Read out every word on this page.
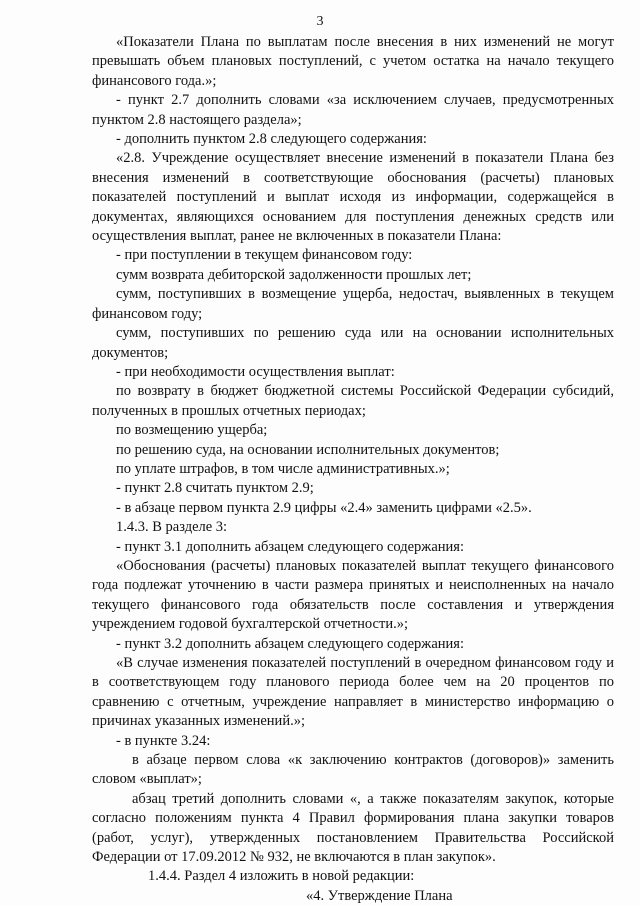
3

«Показатели Плана по выплатам после внесения в них изменений не могут превышать объем плановых поступлений, с учетом остатка на начало текущего финансового года.»;

- пункт 2.7 дополнить словами «за исключением случаев, предусмотренных пунктом 2.8 настоящего раздела»;

- дополнить пунктом 2.8 следующего содержания:

«2.8. Учреждение осуществляет внесение изменений в показатели Плана без внесения изменений в соответствующие обоснования (расчеты) плановых показателей поступлений и выплат исходя из информации, содержащейся в документах, являющихся основанием для поступления денежных средств или осуществления выплат, ранее не включенных в показатели Плана:

- при поступлении в текущем финансовом году:

сумм возврата дебиторской задолженности прошлых лет;

сумм, поступивших в возмещение ущерба, недостач, выявленных в текущем финансовом году;

сумм, поступивших по решению суда или на основании исполнительных документов;

- при необходимости осуществления выплат:

по возврату в бюджет бюджетной системы Российской Федерации субсидий, полученных в прошлых отчетных периодах;

по возмещению ущерба;

по решению суда, на основании исполнительных документов;

по уплате штрафов, в том числе административных.»;

- пункт 2.8 считать пунктом 2.9;

- в абзаце первом пункта 2.9 цифры «2.4» заменить цифрами «2.5».

1.4.3. В разделе 3:

- пункт 3.1 дополнить абзацем следующего содержания:

«Обоснования (расчеты) плановых показателей выплат текущего финансового года подлежат уточнению в части размера принятых и неисполненных на начало текущего финансового года обязательств после составления и утверждения учреждением годовой бухгалтерской отчетности.»;

- пункт 3.2 дополнить абзацем следующего содержания:

«В случае изменения показателей поступлений в очередном финансовом году и в соответствующем году планового периода более чем на 20 процентов по сравнению с отчетным, учреждение направляет в министерство информацию о причинах указанных изменений.»;

- в пункте 3.24:

в абзаце первом слова «к заключению контрактов (договоров)» заменить словом «выплат»;

абзац третий дополнить словами «, а также показателям закупок, которые согласно положениям пункта 4 Правил формирования плана закупки товаров (работ, услуг), утвержденных постановлением Правительства Российской Федерации от 17.09.2012 № 932, не включаются в план закупок».

1.4.4. Раздел 4 изложить в новой редакции:

«4. Утверждение Плана
